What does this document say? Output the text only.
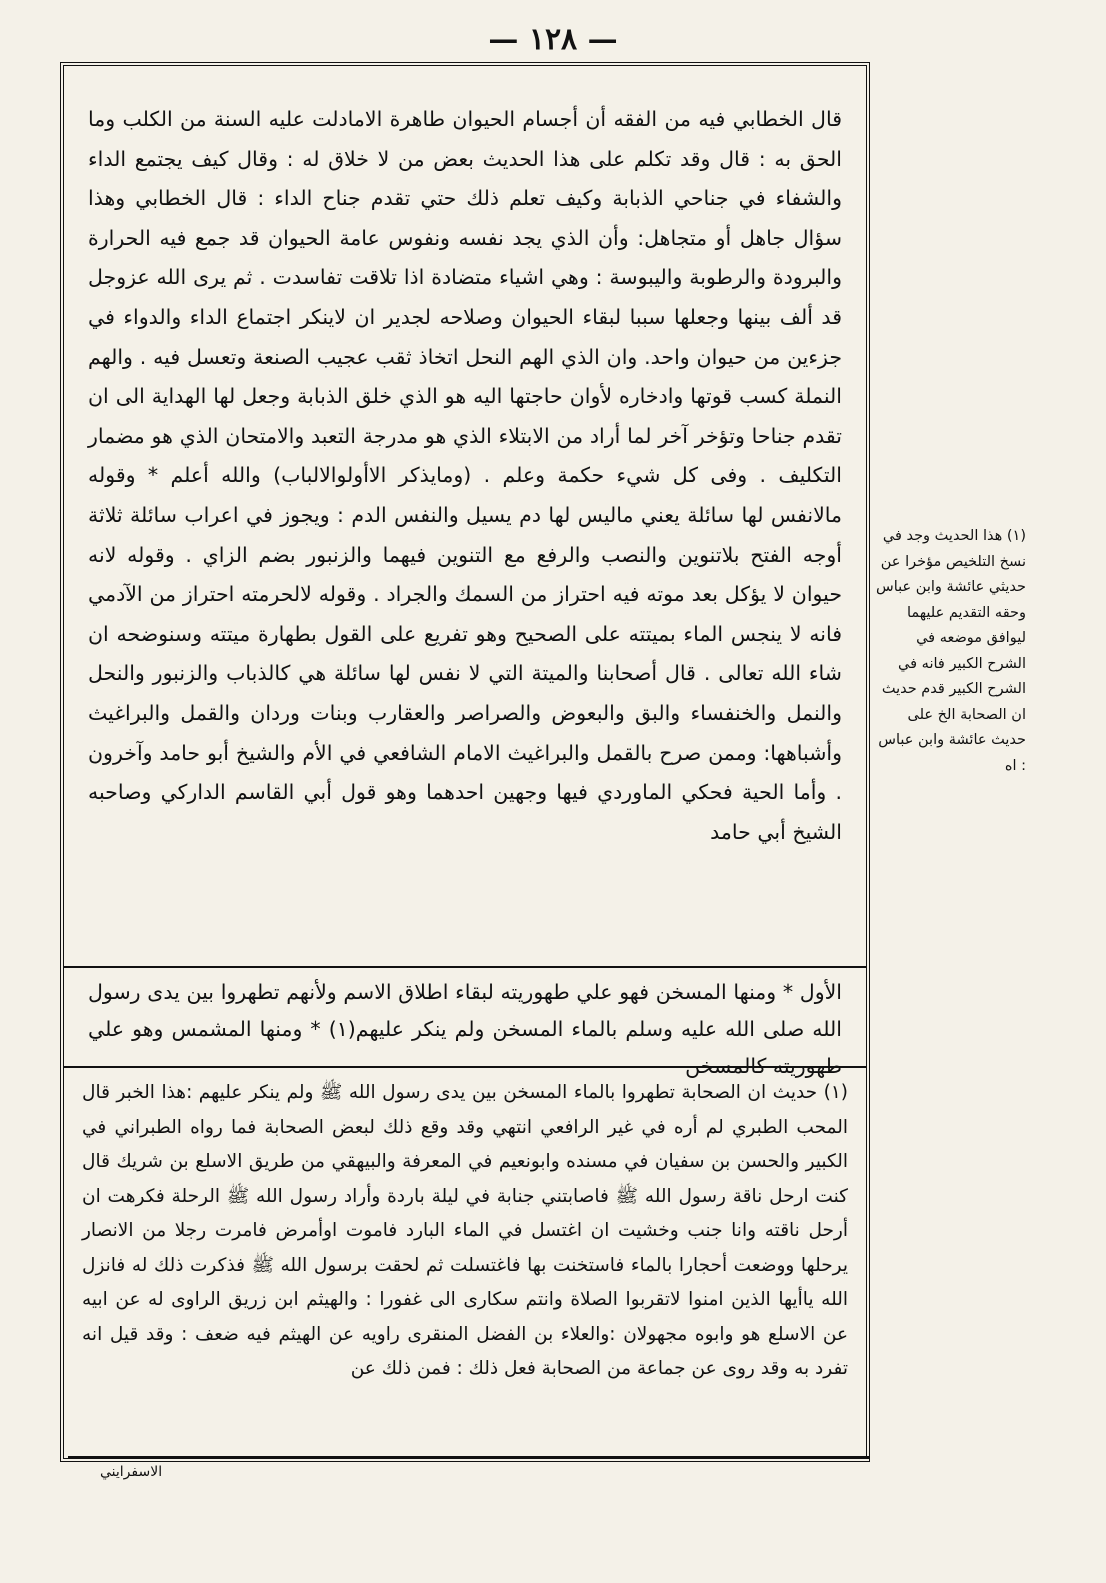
— ١٢٨ —
قال الخطابي فيه من الفقه أن أجسام الحيوان طاهرة الامادلت عليه السنة من الكلب وما الحق به : قال وقد تكلم على هذا الحديث بعض من لا خلاق له : وقال كيف يجتمع الداء والشفاء في جناحي الذبابة وكيف تعلم ذلك حتي تقدم جناح الداء : قال الخطابي وهذا سؤال جاهل أو متجاهل: وأن الذي يجد نفسه ونفوس عامة الحيوان قد جمع فيه الحرارة والبرودة والرطوبة واليبوسة : وهي اشياء متضادة اذا تلاقت تفاسدت . ثم يرى الله عزوجل قد ألف بينها وجعلها سببا لبقاء الحيوان وصلاحه لجدير ان لاينكر اجتماع الداء والدواء في جزءين من حيوان واحد. وان الذي الهم النحل اتخاذ ثقب عجيب الصنعة وتعسل فيه . والهم النملة كسب قوتها وادخاره لأوان حاجتها اليه هو الذي خلق الذبابة وجعل لها الهداية الى ان تقدم جناحا وتؤخر آخر لما أراد من الابتلاء الذي هو مدرجة التعبد والامتحان الذي هو مضمار التكليف . وفى كل شيء حكمة وعلم . (ومايذكر الاأولوالالباب) والله أعلم * وقوله مالانفس لها سائلة يعني ماليس لها دم يسيل والنفس الدم : ويجوز في اعراب سائلة ثلاثة أوجه الفتح بلاتنوين والنصب والرفع مع التنوين فيهما والزنبور بضم الزاي . وقوله لانه حيوان لا يؤكل بعد موته فيه احتراز من السمك والجراد . وقوله لالحرمته احتراز من الآدمي فانه لا ينجس الماء بميتته على الصحيح وهو تفريع على القول بطهارة ميتته وسنوضحه ان شاء الله تعالى . قال أصحابنا والميتة التي لا نفس لها سائلة هي كالذباب والزنبور والنحل والنمل والخنفساء والبق والبعوض والصراصر والعقارب وبنات وردان والقمل والبراغيث وأشباهها: وممن صرح بالقمل والبراغيث الامام الشافعي في الأم والشيخ أبو حامد وآخرون . وأما الحية فحكي الماوردي فيها وجهين احدهما وهو قول أبي القاسم الداركي وصاحبه الشيخ أبي حامد
الأول * ومنها المسخن فهو علي طهوريته لبقاء اطلاق الاسم ولأنهم تطهروا بين يدى رسول الله صلى الله عليه وسلم بالماء المسخن ولم ينكر عليهم(١) * ومنها المشمس وهو علي طهوريته كالمسخن
(١) حديث ان الصحابة تطهروا بالماء المسخن بين يدى رسول الله ﷺ ولم ينكر عليهم :هذا الخبر قال المحب الطبري لم أره في غير الرافعي انتهي وقد وقع ذلك لبعض الصحابة فما رواه الطبراني في الكبير والحسن بن سفيان في مسنده وابونعيم في المعرفة والبيهقي من طريق الاسلع بن شريك قال كنت ارحل ناقة رسول الله ﷺ فاصابتني جنابة في ليلة باردة وأراد رسول الله ﷺ الرحلة فكرهت ان أرحل ناقته وانا جنب وخشيت ان اغتسل في الماء البارد فاموت اوأمرض فامرت رجلا من الانصار يرحلها ووضعت أحجارا بالماء فاستخنت بها فاغتسلت ثم لحقت برسول الله ﷺ فذكرت ذلك له فانزل الله ياأيها الذين امنوا لاتقربوا الصلاة وانتم سكارى الى غفورا : والهيثم ابن زريق الراوى له عن ابيه عن الاسلع هو وابوه مجهولان :والعلاء بن الفضل المنقرى راويه عن الهيثم فيه ضعف : وقد قيل انه تفرد به وقد روى عن جماعة من الصحابة فعل ذلك : فمن ذلك عن
(١) هذا الحديث وجد في نسخ التلخيص مؤخرا عن حديثي عائشة وابن عباس وحقه التقديم عليهما ليوافق موضعه في الشرح الكبير فانه في الشرح الكبير قدم حديث ان الصحابة الخ على حديث عائشة وابن عباس : اه
الاسفرايني
